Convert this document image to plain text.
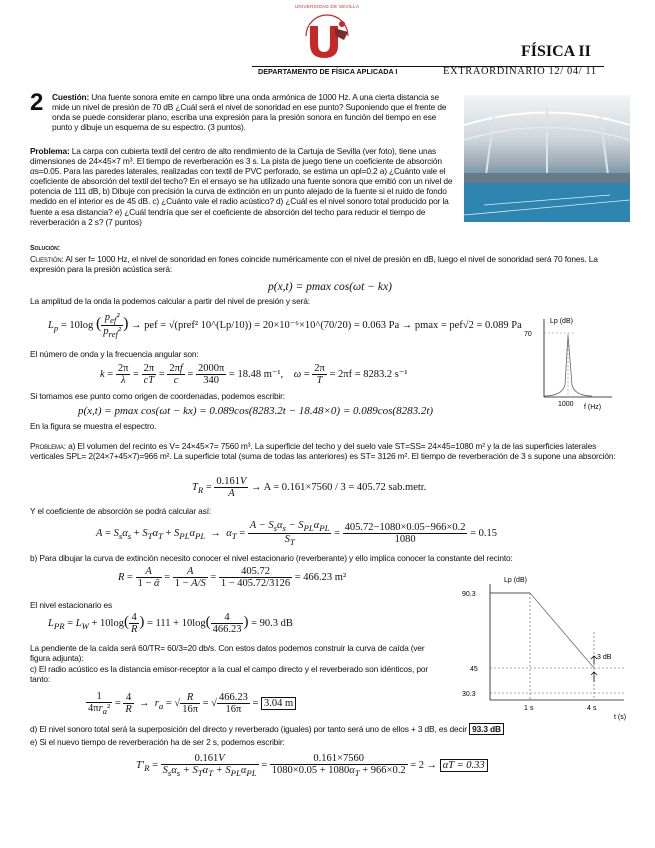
UNIVERSIDAD DE SEVILLA
DEPARTAMENTO DE FÍSICA APLICADA I
FÍSICA II
EXTRAORDINARIO 12/ 04/ 11
2 Cuestión: Una fuente sonora emite en campo libre una onda armónica de 1000 Hz. A una cierta distancia se mide un nivel de presión de 70 dB ¿Cuál será el nivel de sonoridad en ese punto? Suponiendo que el frente de onda se puede considerar plano, escriba una expresión para la presión sonora en función del tiempo en ese punto y dibuje un esquema de su espectro. (3 puntos).
Problema: La carpa con cubierta textil del centro de alto rendimiento de la Cartuja de Sevilla (ver foto), tiene unas dimensiones de 24×45×7 m³. El tiempo de reverberación es 3 s. La pista de juego tiene un coeficiente de absorción αs=0.05. Para las paredes laterales, realizadas con textil de PVC perforado, se estima un αpl=0.2 a) ¿Cuánto vale el coeficiente de absorción del textil del techo? En el ensayo se ha utilizado una fuente sonora que emitió con un nivel de potencia de 111 dB, b) Dibuje con precisión la curva de extinción en un punto alejado de la fuente si el ruido de fondo medido en el interior es de 45 dB. c) ¿Cuánto vale el radio acústico? d) ¿Cuál es el nivel sonoro total producido por la fuente a esa distancia? e) ¿Cuál tendría que ser el coeficiente de absorción del techo para reducir el tiempo de reverberación a 2 s? (7 puntos)
Solución:
Cuestión: Al ser f= 1000 Hz, el nivel de sonoridad en fones coincide numéricamente con el nivel de presión en dB, luego el nivel de sonoridad será 70 fones. La expresión para la presión acústica será:
p(x,t) = pmax cos(ωt − kx)
La amplitud de la onda la podemos calcular a partir del nivel de presión y será:
$L_p = 10\log$ ( $\frac{p_{ef}^2}{p_{ref}^2}$ ) → pef = √(pref² 10^(Lp/10)) = 20×10⁻⁶×10^(70/20) = 0.063 Pa → pmax = pef√2 = 0.089 Pa
El número de onda y la frecuencia angular son:
$k = \frac{2\pi}{\lambda} = \frac{2\pi}{cT} = \frac{2\pi f}{c} = \frac{2000\pi}{340} = 18.48$ m⁻¹, $\omega = \frac{2\pi}{T} = 2\pi f = 8283.2$ s⁻¹
Si tomamos ese punto como origen de coordenadas, podemos escribir:
p(x,t) = pmax cos(ωt − kx) = 0.089cos(8283.2t − 18.48×0) = 0.089cos(8283.2t)
En la figura se muestra el espectro.
Lp (dB)
70
1000 f (Hz)
Problema: a) El volumen del recinto es V= 24×45×7= 7560 m³. La superficie del techo y del suelo vale ST=SS= 24×45=1080 m² y la de las superficies laterales verticales SPL= 2(24×7+45×7)=966 m². La superficie total (suma de todas las anteriores) es ST= 3126 m². El tiempo de reverberación de 3 s supone una absorción:
$T_R = \frac{0.161V}{A} \to A = 0.161\times 7560 / 3 = 405.72$ sab.metr.
Y el coeficiente de absorción se podrá calcular así:
$A = S_s\alpha_s + S_T\alpha_T + S_{PL}\alpha_{PL} \to \alpha_T = \frac{A - S_s\alpha_s - S_{PL}\alpha_{PL}}{S_T} = \frac{405.72-1080\times 0.05-966\times 0.2}{1080} = 0.15$
b) Para dibujar la curva de extinción necesito conocer el nivel estacionario (reverberante) y ello implica conocer la constante del recinto:
$R = \frac{A}{\text{1 − ᾱ}} = \frac{A}{1 - A/S} = \frac{405.72}{1 - 405.72/3126} = 466.23$ m²
El nivel estacionario es
$L_{PR} = L_W + 10\log( \frac{4}{R}$ ) = $111 + 10\log( \frac{4}{466.23}$ ) = 90.3 dB
La pendiente de la caída será 60/TR= 60/3=20 db/s. Con estos datos podemos construir la curva de caída (ver figura adjunta):
c) El radio acústico es la distancia emisor-receptor a la cual el campo directo y el reverberado son idénticos, por tanto:
$\frac{1}{4\pi r_a^2} = \frac{4}{R} \to r_a$ = √ $\frac{R}{16\pi}$ = √ $\frac{466.23}{16\pi} = 3.04$ m
d) El nivel sonoro total será la superposición del directo y reverberado (iguales) por tanto será uno de ellos + 3 dB, es decir 93.3 dB
e) Si el nuevo tiempo de reverberación ha de ser 2 s, podemos escribir:
$T'_R = \frac{0.161V}{S_s\alpha_s + S_T\alpha_T + S_{PL}\alpha_{PL}} = \frac{0.161\times 7560}{1080\times 0.05 + 1080\alpha_T + 966\times 0.2} = 2 \to \alpha T = 0.33$
Lp (dB)
90.3
45
30.3
3 dB
1 s	4 s
t (s)
